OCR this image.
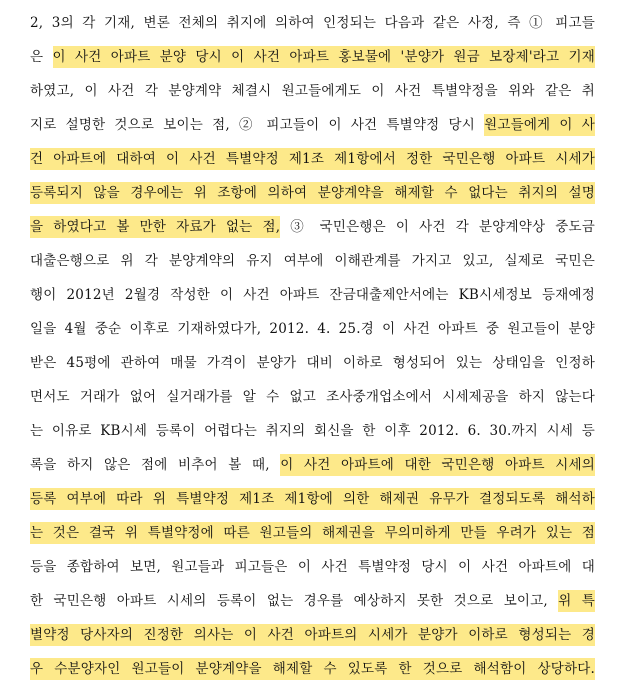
2, 3의 각 기재, 변론 전체의 취지에 의하여 인정되는 다음과 같은 사정, 즉 ① 피고들
은 이 사건 아파트 분양 당시 이 사건 아파트 홍보물에 '분양가 원금 보장제'라고 기재
하였고, 이 사건 각 분양계약 체결시 원고들에게도 이 사건 특별약정을 위와 같은 취
지로 설명한 것으로 보이는 점, ② 피고들이 이 사건 특별약정 당시 원고들에게 이 사
건 아파트에 대하여 이 사건 특별약정 제1조 제1항에서 정한 국민은행 아파트 시세가
등록되지 않을 경우에는 위 조항에 의하여 분양계약을 해제할 수 없다는 취지의 설명
을 하였다고 볼 만한 자료가 없는 점, ③ 국민은행은 이 사건 각 분양계약상 중도금
대출은행으로 위 각 분양계약의 유지 여부에 이해관계를 가지고 있고, 실제로 국민은
행이 2012년 2월경 작성한 이 사건 아파트 잔금대출제안서에는 KB시세정보 등재예정
일을 4월 중순 이후로 기재하였다가, 2012. 4. 25.경 이 사건 아파트 중 원고들이 분양
받은 45평에 관하여 매물 가격이 분양가 대비 이하로 형성되어 있는 상태임을 인정하
면서도 거래가 없어 실거래가를 알 수 없고 조사중개업소에서 시세제공을 하지 않는다
는 이유로 KB시세 등록이 어렵다는 취지의 회신을 한 이후 2012. 6. 30.까지 시세 등
록을 하지 않은 점에 비추어 볼 때, 이 사건 아파트에 대한 국민은행 아파트 시세의
등록 여부에 따라 위 특별약정 제1조 제1항에 의한 해제권 유무가 결정되도록 해석하
는 것은 결국 위 특별약정에 따른 원고들의 해제권을 무의미하게 만들 우려가 있는 점
등을 종합하여 보면, 원고들과 피고들은 이 사건 특별약정 당시 이 사건 아파트에 대
한 국민은행 아파트 시세의 등록이 없는 경우를 예상하지 못한 것으로 보이고, 위 특
별약정 당사자의 진정한 의사는 이 사건 아파트의 시세가 분양가 이하로 형성되는 경
우 수분양자인 원고들이 분양계약을 해제할 수 있도록 한 것으로 해석함이 상당하다.
